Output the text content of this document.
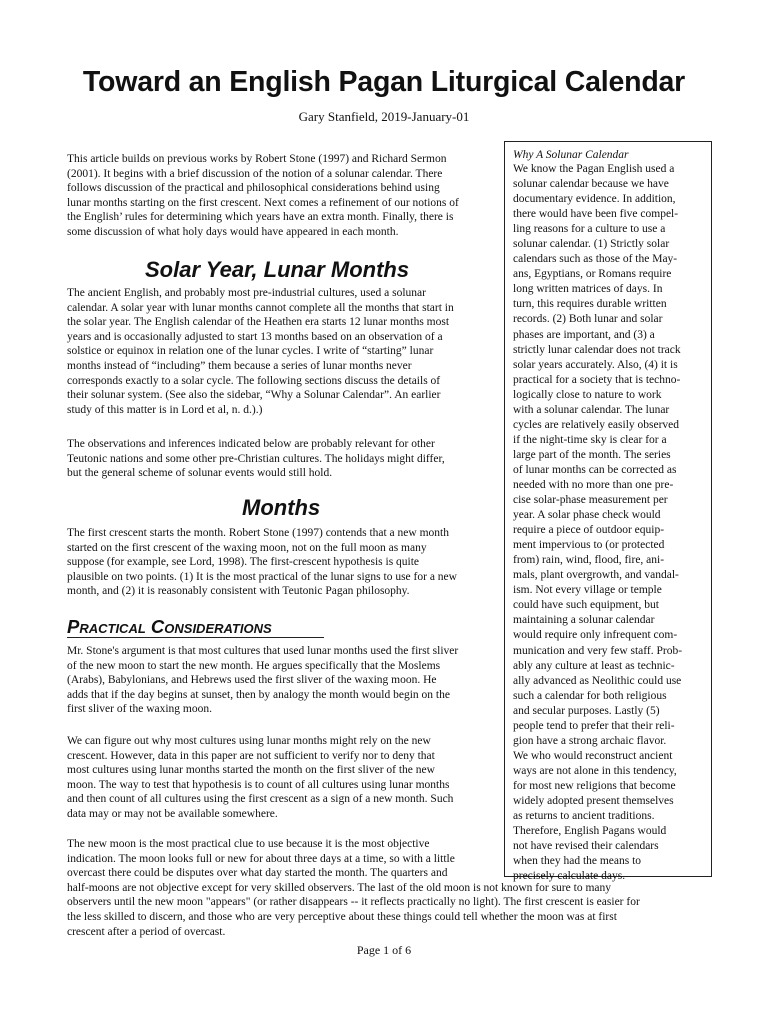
Toward an English Pagan Liturgical Calendar
Gary Stanfield, 2019-January-01
This article builds on previous works by Robert Stone (1997) and Richard Sermon
(2001). It begins with a brief discussion of the notion of a solunar calendar. There
follows discussion of the practical and philosophical considerations behind using
lunar months starting on the first crescent. Next comes a refinement of our notions of
the English’ rules for determining which years have an extra month. Finally, there is
some discussion of what holy days would have appeared in each month.
Solar Year, Lunar Months
The ancient English, and probably most pre-industrial cultures, used a solunar
calendar. A solar year with lunar months cannot complete all the months that start in
the solar year. The English calendar of the Heathen era starts 12 lunar months most
years and is occasionally adjusted to start 13 months based on an observation of a
solstice or equinox in relation one of the lunar cycles. I write of “starting” lunar
months instead of “including” them because a series of lunar months never
corresponds exactly to a solar cycle. The following sections discuss the details of
their solunar system. (See also the sidebar, “Why a Solunar Calendar”. An earlier
study of this matter is in Lord et al, n. d.).)
The observations and inferences indicated below are probably relevant for other
Teutonic nations and some other pre-Christian cultures. The holidays might differ,
but the general scheme of solunar events would still hold.
Months
The first crescent starts the month. Robert Stone (1997) contends that a new month
started on the first crescent of the waxing moon, not on the full moon as many
suppose (for example, see Lord, 1998). The first-crescent hypothesis is quite
plausible on two points. (1) It is the most practical of the lunar signs to use for a new
month, and (2) it is reasonably consistent with Teutonic Pagan philosophy.
Practical Considerations
Mr. Stone's argument is that most cultures that used lunar months used the first sliver
of the new moon to start the new month. He argues specifically that the Moslems
(Arabs), Babylonians, and Hebrews used the first sliver of the waxing moon. He
adds that if the day begins at sunset, then by analogy the month would begin on the
first sliver of the waxing moon.
We can figure out why most cultures using lunar months might rely on the new
crescent. However, data in this paper are not sufficient to verify nor to deny that
most cultures using lunar months started the month on the first sliver of the new
moon. The way to test that hypothesis is to count of all cultures using lunar months
and then count of all cultures using the first crescent as a sign of a new month. Such
data may or may not be available somewhere.
The new moon is the most practical clue to use because it is the most objective
indication. The moon looks full or new for about three days at a time, so with a little
overcast there could be disputes over what day started the month. The quarters and
half-moons are not objective except for very skilled observers. The last of the old moon is not known for sure to many
observers until the new moon "appears" (or rather disappears -- it reflects practically no light). The first crescent is easier for
the less skilled to discern, and those who are very perceptive about these things could tell whether the moon was at first
crescent after a period of overcast.
Why A Solunar Calendar
We know the Pagan English used a
solunar calendar because we have
documentary evidence. In addition,
there would have been five compel-
ling reasons for a culture to use a
solunar calendar. (1) Strictly solar
calendars such as those of the May-
ans, Egyptians, or Romans require
long written matrices of days. In
turn, this requires durable written
records. (2) Both lunar and solar
phases are important, and (3) a
strictly lunar calendar does not track
solar years accurately. Also, (4) it is
practical for a society that is techno-
logically close to nature to work
with a solunar calendar. The lunar
cycles are relatively easily observed
if the night-time sky is clear for a
large part of the month. The series
of lunar months can be corrected as
needed with no more than one pre-
cise solar-phase measurement per
year. A solar phase check would
require a piece of outdoor equip-
ment impervious to (or protected
from) rain, wind, flood, fire, ani-
mals, plant overgrowth, and vandal-
ism. Not every village or temple
could have such equipment, but
maintaining a solunar calendar
would require only infrequent com-
munication and very few staff. Prob-
ably any culture at least as technic-
ally advanced as Neolithic could use
such a calendar for both religious
and secular purposes. Lastly (5)
people tend to prefer that their reli-
gion have a strong archaic flavor.
We who would reconstruct ancient
ways are not alone in this tendency,
for most new religions that become
widely adopted present themselves
as returns to ancient traditions.
Therefore, English Pagans would
not have revised their calendars
when they had the means to
precisely calculate days.
Page 1 of 6
